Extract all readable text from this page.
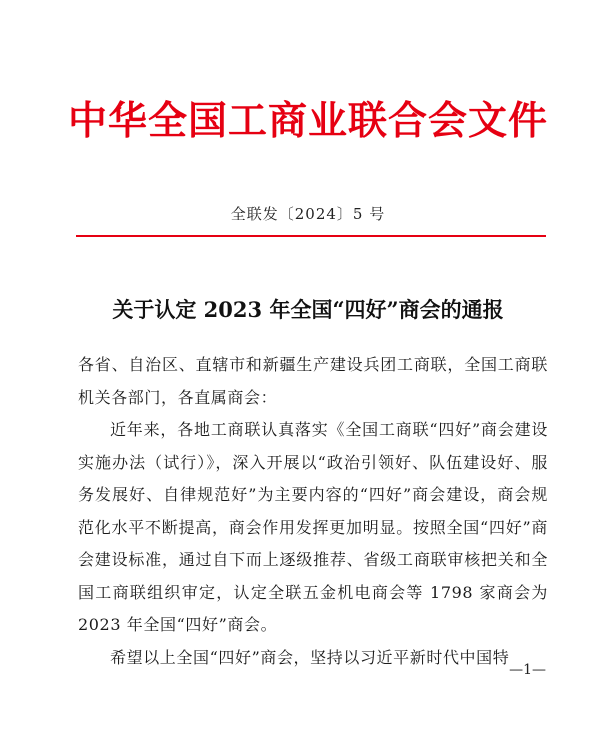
中华全国工商业联合会文件
全联发〔2024〕5 号
关于认定 2023 年全国“四好”商会的通报

各省、自治区、直辖市和新疆生产建设兵团工商联，全国工商联机关各部门，各直属商会：

近年来，各地工商联认真落实《全国工商联“四好”商会建设实施办法（试行）》，深入开展以“政治引领好、队伍建设好、服务发展好、自律规范好”为主要内容的“四好”商会建设，商会规范化水平不断提高，商会作用发挥更加明显。按照全国“四好”商会建设标准，通过自下而上逐级推荐、省级工商联审核把关和全国工商联组织审定，认定全联五金机电商会等 1798 家商会为 2023 年全国“四好”商会。

希望以上全国“四好”商会，坚持以习近平新时代中国特

—1—
